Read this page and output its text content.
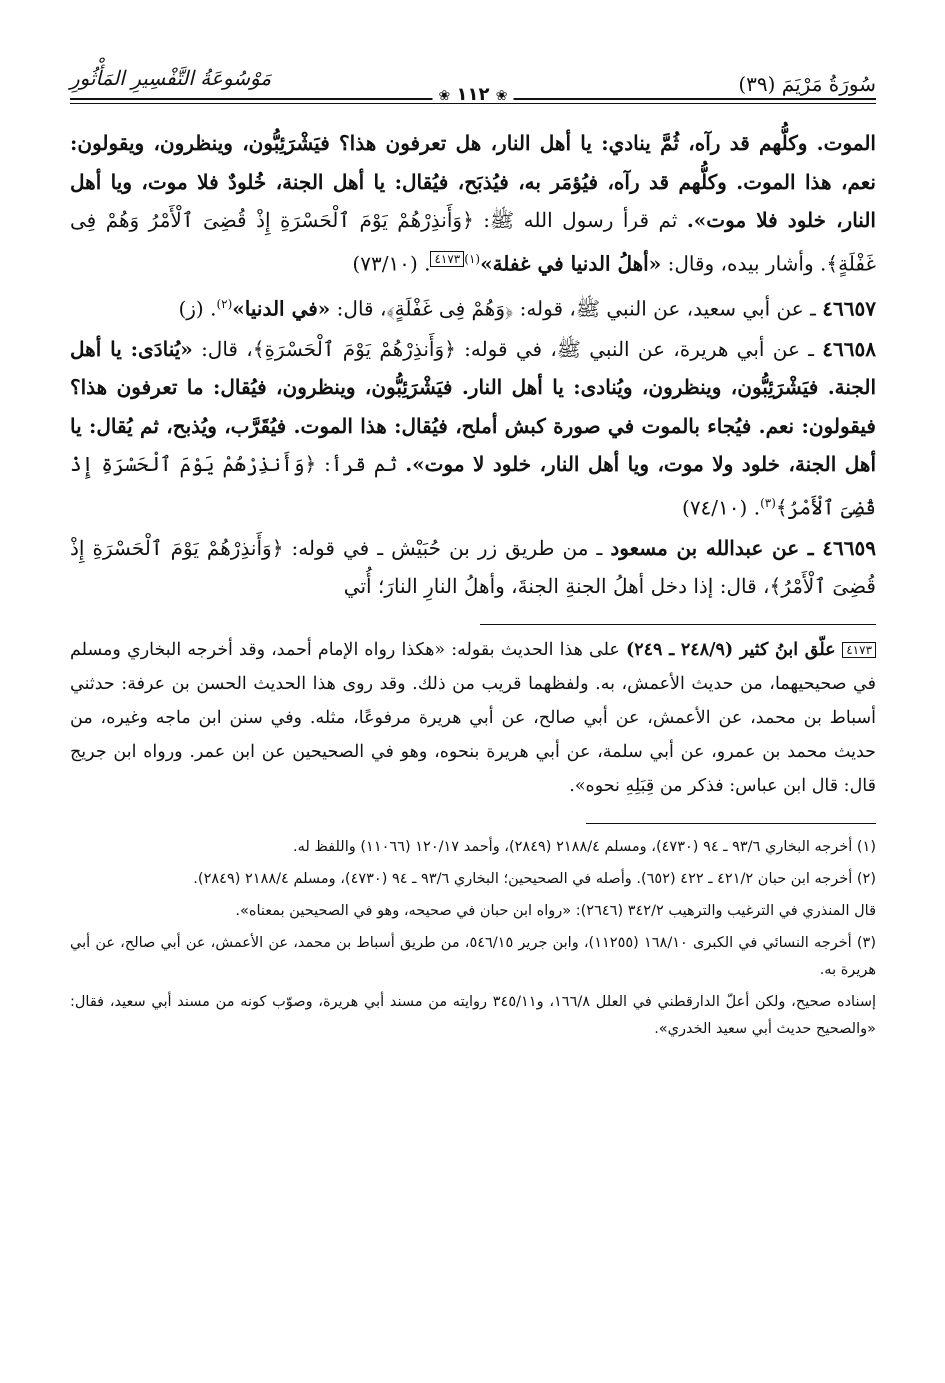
سُورَةُ مَرْيَمَ (٣٩)
❀ ١١٢ ❀
مَوْسُوعَةُ التَّفْسِيرِ المَأْثُورِ

الموت. وكلُّهم قد رآه، ثُمَّ ينادي: يا أهل النار، هل تعرفون هذا؟ فيَشْرَئِبُّون، وينظرون، ويقولون: نعم، هذا الموت. وكلُّهم قد رآه، فيُؤمَر به، فيُذبَح، فيُقال: يا أهل الجنة، خُلودٌ فلا موت، ويا أهل النار، خلود فلا موت». ثم قرأ رسول الله ﷺ: ﴿وَأَنذِرْهُمْ يَوْمَ ٱلْحَسْرَةِ إِذْ قُضِىَ ٱلْأَمْرُ وَهُمْ فِى غَفْلَةٍ﴾. وأشار بيده، وقال: «أهلُ الدنيا في غفلة»$^{(١)}$٤١٧٣. (٧٣/١٠)

٤٦٦٥٧ ـ عن أبي سعيد، عن النبي ﷺ، قوله: ﴿وَهُمْ فِى غَفْلَةٍ﴾، قال: «في الدنيا»$^{(٢)}$. (ز)

٤٦٦٥٨ ـ عن أبي هريرة، عن النبي ﷺ، في قوله: ﴿وَأَنذِرْهُمْ يَوْمَ ٱلْحَسْرَةِ﴾، قال: «يُنادَى: يا أهل الجنة. فيَشْرَئِبُّون، وينظرون، ويُنادى: يا أهل النار. فيَشْرَئِبُّون، وينظرون، فيُقال: ما تعرفون هذا؟ فيقولون: نعم. فيُجاء بالموت في صورة كبش أملح، فيُقال: هذا الموت. فيُقَرَّب، ويُذبح، ثم يُقال: يا أهل الجنة، خلود ولا موت، ويا أهل النار، خلود لا موت». ثم قرأ: ﴿وَأَنذِرْهُمْ يَوْمَ ٱلْحَسْرَةِ إِذْ قُضِىَ ٱلْأَمْرُ﴾$^{(٣)}$. (٧٤/١٠)

٤٦٦٥٩ ـ عن عبدالله بن مسعود ـ من طريق زر بن حُبَيْش ـ في قوله: ﴿وَأَنذِرْهُمْ يَوْمَ ٱلْحَسْرَةِ إِذْ قُضِىَ ٱلْأَمْرُ﴾، قال: إذا دخل أهلُ الجنةِ الجنةَ، وأهلُ النارِ النارَ؛ أُتي

٤١٧٣ علّق ابنُ كثير (٢٤٨/٩ ـ ٢٤٩) على هذا الحديث بقوله: «هكذا رواه الإمام أحمد، وقد أخرجه البخاري ومسلم في صحيحيهما، من حديث الأعمش، به. ولفظهما قريب من ذلك. وقد روى هذا الحديث الحسن بن عرفة: حدثني أسباط بن محمد، عن الأعمش، عن أبي صالح، عن أبي هريرة مرفوعًا، مثله. وفي سنن ابن ماجه وغيره، من حديث محمد بن عمرو، عن أبي سلمة، عن أبي هريرة بنحوه، وهو في الصحيحين عن ابن عمر. ورواه ابن جريج قال: قال ابن عباس: فذكر من قِبَلِهِ نحوه».

(١) أخرجه البخاري ٩٣/٦ ـ ٩٤ (٤٧٣٠)، ومسلم ٢١٨٨/٤ (٢٨٤٩)، وأحمد ١٢٠/١٧ (١١٠٦٦) واللفظ له.

(٢) أخرجه ابن حبان ٤٢١/٢ ـ ٤٢٢ (٦٥٢). وأصله في الصحيحين؛ البخاري ٩٣/٦ ـ ٩٤ (٤٧٣٠)، ومسلم ٢١٨٨/٤ (٢٨٤٩).

قال المنذري في الترغيب والترهيب ٣٤٢/٢ (٢٦٤٦): «رواه ابن حبان في صحيحه، وهو في الصحيحين بمعناه».

(٣) أخرجه النسائي في الكبرى ١٦٨/١٠ (١١٢٥٥)، وابن جرير ٥٤٦/١٥، من طريق أسباط بن محمد، عن الأعمش، عن أبي صالح، عن أبي هريرة به.

إسناده صحيح، ولكن أعلّ الدارقطني في العلل ١٦٦/٨، و٣٤٥/١١ روايته من مسند أبي هريرة، وصوّب كونه من مسند أبي سعيد، فقال: «والصحيح حديث أبي سعيد الخدري».
